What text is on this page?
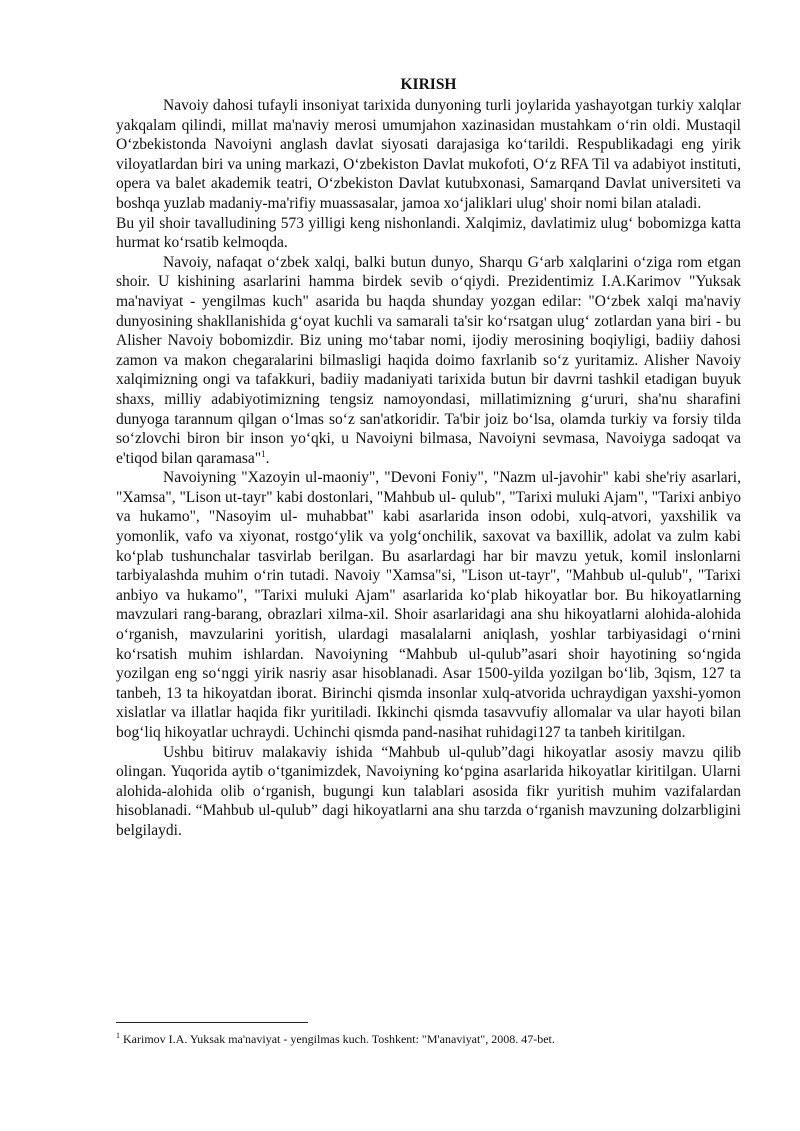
KIRISH

Navoiy dahosi tufayli insoniyat tarixida dunyoning turli joylarida yashayotgan turkiy xalqlar yakqalam qilindi, millat ma'naviy merosi umumjahon xazinasidan mustahkam o‘rin oldi. Mustaqil O‘zbekistonda Navoiyni anglash davlat siyosati darajasiga ko‘tarildi. Respublikadagi eng yirik viloyatlardan biri va uning markazi, O‘zbekiston Davlat mukofoti, O‘z RFA Til va adabiyot instituti, opera va balet akademik teatri, O‘zbekiston Davlat kutubxonasi, Samarqand Davlat universiteti va boshqa yuzlab madaniy-ma'rifiy muassasalar, jamoa xo‘jaliklari ulug' shoir nomi bilan ataladi.

Bu yil shoir tavalludining 573 yilligi keng nishonlandi. Xalqimiz, davlatimiz ulug‘ bobomizga katta hurmat ko‘rsatib kelmoqda.

Navoiy, nafaqat o‘zbek xalqi, balki butun dunyo, Sharqu G‘arb xalqlarini o‘ziga rom etgan shoir. U kishining asarlarini hamma birdek sevib o‘qiydi. Prezidentimiz I.A.Karimov "Yuksak ma'naviyat - yengilmas kuch" asarida bu haqda shunday yozgan edilar: "O‘zbek xalqi ma'naviy dunyosining shakllanishida g‘oyat kuchli va samarali ta'sir ko‘rsatgan ulug‘ zotlardan yana biri - bu Alisher Navoiy bobomizdir. Biz uning mo‘tabar nomi, ijodiy merosining boqiyligi, badiiy dahosi zamon va makon chegaralarini bilmasligi haqida doimo faxrlanib so‘z yuritamiz. Alisher Navoiy xalqimizning ongi va tafakkuri, badiiy madaniyati tarixida butun bir davrni tashkil etadigan buyuk shaxs, milliy adabiyotimizning tengsiz namoyondasi, millatimizning g‘ururi, sha'nu sharafini dunyoga tarannum qilgan o‘lmas so‘z san'atkoridir. Ta'bir joiz bo‘lsa, olamda turkiy va forsiy tilda so‘zlovchi biron bir inson yo‘qki, u Navoiyni bilmasa, Navoiyni sevmasa, Navoiyga sadoqat va e'tiqod bilan qaramasa"$^1$.

Navoiyning "Xazoyin ul-maoniy", "Devoni Foniy", "Nazm ul-javohir" kabi she'riy asarlari, "Xamsa", "Lison ut-tayr" kabi dostonlari, "Mahbub ul- qulub", "Tarixi muluki Ajam", "Tarixi anbiyo va hukamo", "Nasoyim ul- muhabbat" kabi asarlarida inson odobi, xulq-atvori, yaxshilik va yomonlik, vafo va xiyonat, rostgo‘ylik va yolg‘onchilik, saxovat va baxillik, adolat va zulm kabi ko‘plab tushunchalar tasvirlab berilgan. Bu asarlardagi har bir mavzu yetuk, komil inslonlarni tarbiyalashda muhim o‘rin tutadi. Navoiy "Xamsa"si, "Lison ut-tayr", "Mahbub ul-qulub", "Tarixi anbiyo va hukamo", "Tarixi muluki Ajam" asarlarida ko‘plab hikoyatlar bor. Bu hikoyatlarning mavzulari rang-barang, obrazlari xilma-xil. Shoir asarlaridagi ana shu hikoyatlarni alohida-alohida o‘rganish, mavzularini yoritish, ulardagi masalalarni aniqlash, yoshlar tarbiyasidagi o‘rnini ko‘rsatish muhim ishlardan. Navoiyning “Mahbub ul-qulub”asari shoir hayotining so‘ngida yozilgan eng so‘nggi yirik nasriy asar hisoblanadi. Asar 1500-yilda yozilgan bo‘lib, 3qism, 127 ta tanbeh, 13 ta hikoyatdan iborat. Birinchi qismda insonlar xulq-atvorida uchraydigan yaxshi-yomon xislatlar va illatlar haqida fikr yuritiladi. Ikkinchi qismda tasavvufiy allomalar va ular hayoti bilan bog‘liq hikoyatlar uchraydi. Uchinchi qismda pand-nasihat ruhidagi127 ta tanbeh kiritilgan.

Ushbu bitiruv malakaviy ishida “Mahbub ul-qulub”dagi hikoyatlar asosiy mavzu qilib olingan. Yuqorida aytib o‘tganimizdek, Navoiyning ko‘pgina asarlarida hikoyatlar kiritilgan. Ularni alohida-alohida olib o‘rganish, bugungi kun talablari asosida fikr yuritish muhim vazifalardan hisoblanadi. “Mahbub ul-qulub” dagi hikoyatlarni ana shu tarzda o‘rganish mavzuning dolzarbligini belgilaydi.

$^1$ Karimov I.A. Yuksak ma'naviyat - yengilmas kuch. Toshkent: "M'anaviyat", 2008. 47-bet.
